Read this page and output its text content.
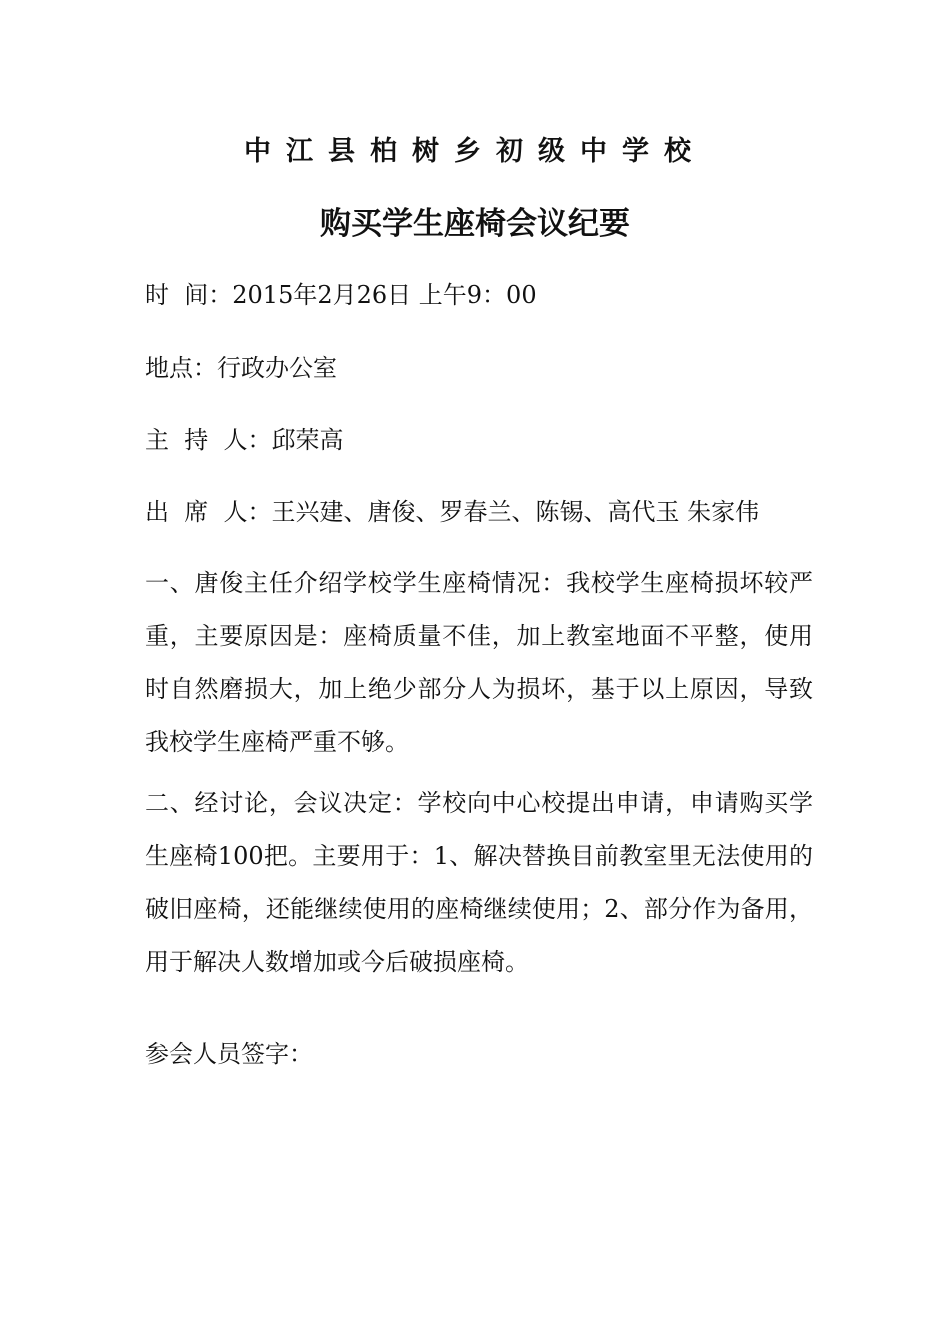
中江县柏树乡初级中学校
购买学生座椅会议纪要
时  间：2015年2月26日 上午9：00
地点：行政办公室
主  持  人：邱荣高
出  席  人：王兴建、唐俊、罗春兰、陈锡、高代玉 朱家伟
一、唐俊主任介绍学校学生座椅情况：我校学生座椅损坏较严重，主要原因是：座椅质量不佳，加上教室地面不平整，使用时自然磨损大，加上绝少部分人为损坏，基于以上原因，导致我校学生座椅严重不够。
二、经讨论，会议决定：学校向中心校提出申请，申请购买学生座椅100把。主要用于：1、解决替换目前教室里无法使用的破旧座椅，还能继续使用的座椅继续使用；2、部分作为备用，用于解决人数增加或今后破损座椅。
参会人员签字：
